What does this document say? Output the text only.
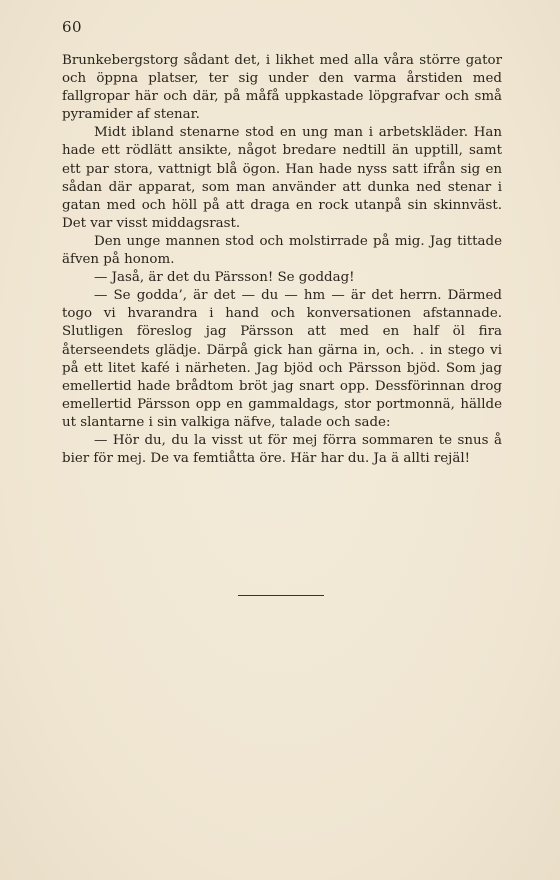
60

Brunkebergstorg sådant det, i likhet med alla våra större gator och öppna platser, ter sig under den varma årstiden med fallgropar här och där, på måfå uppkastade löpgrafvar och små pyramider af stenar.

Midt ibland stenarne stod en ung man i arbetskläder. Han hade ett rödlätt ansikte, något bredare nedtill än upptill, samt ett par stora, vattnigt blå ögon. Han hade nyss satt ifrån sig en sådan där apparat, som man använder att dunka ned stenar i gatan med och höll på att draga en rock utanpå sin skinnväst. Det var visst middagsrast.

Den unge mannen stod och molstirrade på mig. Jag tittade äfven på honom.

— Jaså, är det du Pärsson! Se goddag!

— Se godda’, är det — du — hm — är det herrn. Därmed togo vi hvarandra i hand och konversationen afstannade. Slutligen föreslog jag Pärsson att med en half öl fira återseendets glädje. Därpå gick han gärna in, och. . in stego vi på ett litet kafé i närheten. Jag bjöd och Pärsson bjöd. Som jag emellertid hade brådtom bröt jag snart opp. Dessförinnan drog emellertid Pärsson opp en gammaldags, stor portmonnä, hällde ut slantarne i sin valkiga näfve, talade och sade:

— Hör du, du la visst ut för mej förra sommaren te snus å bier för mej. De va femtiåtta öre. Här har du. Ja ä allti rejäl!
